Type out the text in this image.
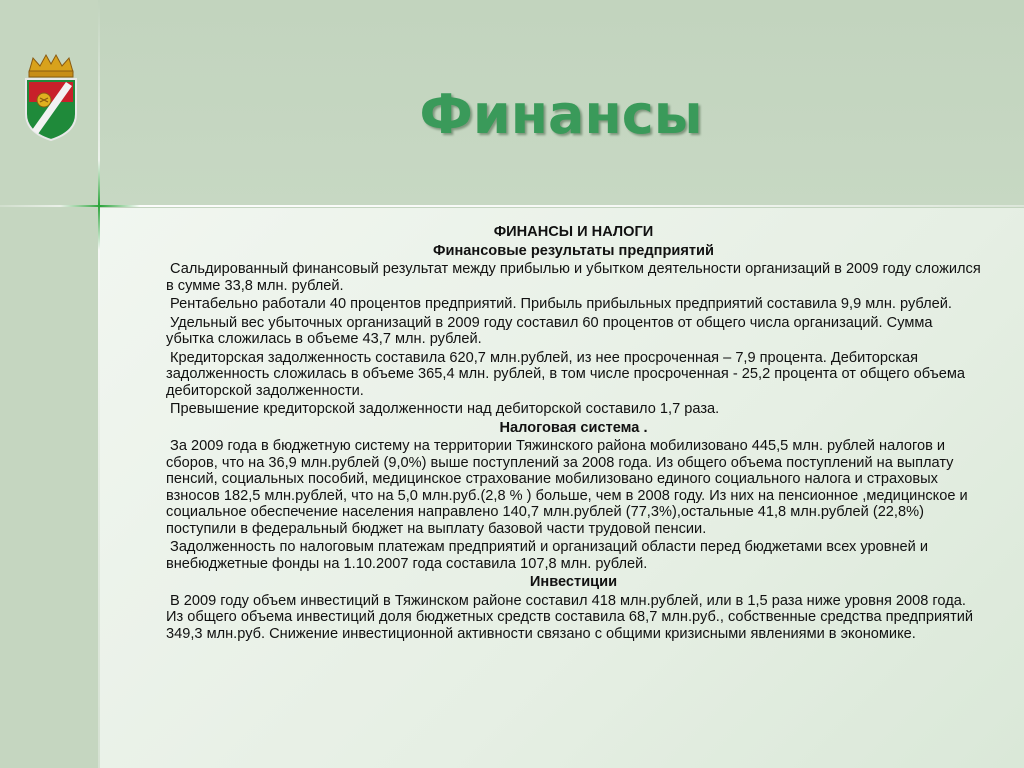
Финансы
ФИНАНСЫ И НАЛОГИ
Финансовые результаты предприятий
Сальдированный финансовый результат между прибылью и убытком деятельности организаций в 2009 году сложился в сумме 33,8 млн. рублей.
Рентабельно работали 40 процентов предприятий. Прибыль прибыльных предприятий составила 9,9 млн. рублей.
Удельный вес убыточных организаций в 2009 году составил 60 процентов от общего числа организаций. Сумма убытка сложилась в объеме 43,7 млн. рублей.
Кредиторская задолженность составила 620,7 млн.рублей, из нее просроченная – 7,9 процента. Дебиторская задолженность сложилась в объеме 365,4 млн. рублей, в том числе просроченная - 25,2 процента от общего объема дебиторской задолженности.
Превышение кредиторской задолженности над дебиторской составило 1,7 раза.
Налоговая система .
За 2009 года в бюджетную систему на территории Тяжинского района мобилизовано 445,5 млн. рублей налогов и сборов, что на 36,9 млн.рублей (9,0%) выше поступлений за 2008 года. Из общего объема поступлений на выплату пенсий, социальных пособий, медицинское страхование мобилизовано единого социального налога и страховых взносов 182,5 млн.рублей, что на 5,0 млн.руб.(2,8 % ) больше, чем в 2008 году. Из них на пенсионное ,медицинское и социальное обеспечение населения направлено 140,7 млн.рублей (77,3%),остальные 41,8 млн.рублей (22,8%) поступили в федеральный бюджет на выплату базовой части трудовой пенсии.
Задолженность по налоговым платежам предприятий и организаций области перед бюджетами всех уровней и внебюджетные фонды на 1.10.2007 года составила 107,8 млн. рублей.
Инвестиции
В 2009 году объем инвестиций в Тяжинском районе составил 418 млн.рублей, или в 1,5 раза ниже уровня 2008 года. Из общего объема инвестиций доля бюджетных средств составила 68,7 млн.руб., собственные средства предприятий 349,3 млн.руб. Снижение инвестиционной активности связано с общими кризисными явлениями в экономике.
